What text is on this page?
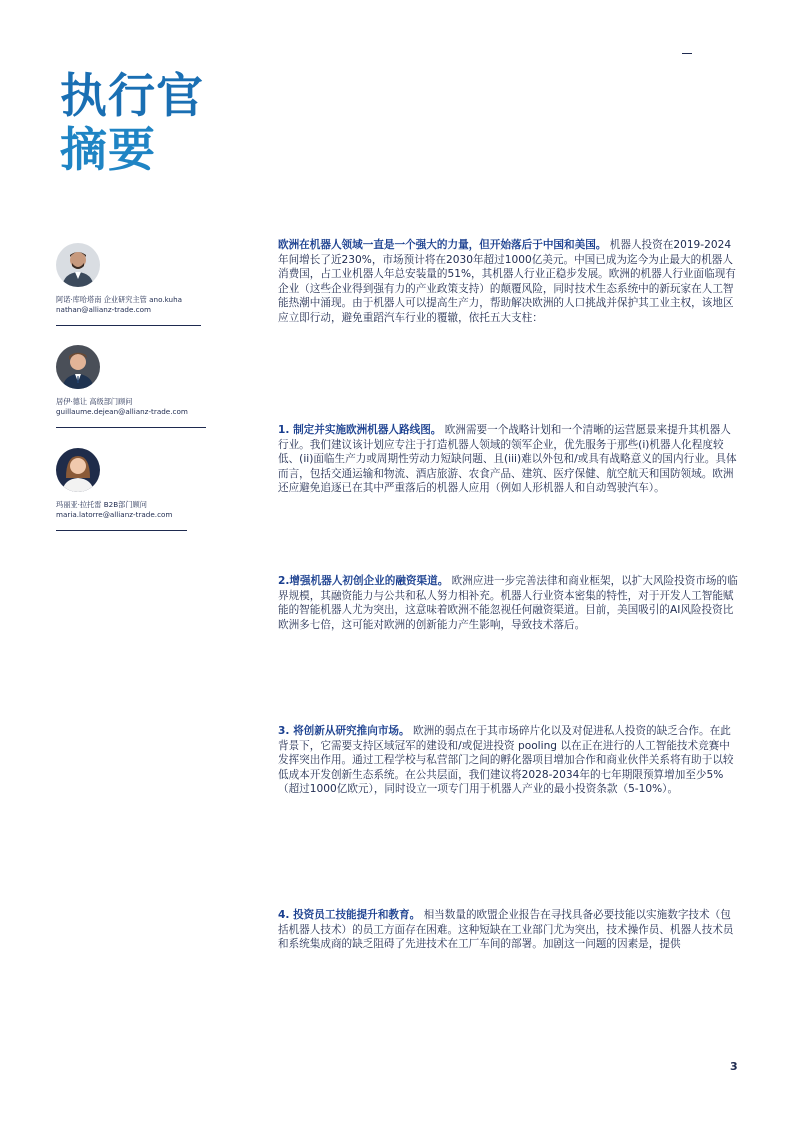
执行官
摘要
阿诺·库哈塔南 企业研究主管 ano.kuha
nathan@allianz-trade.com
居伊·德让 高级部门顾问
guillaume.dejean@allianz-trade.com
玛丽亚·拉托雷 B2B部门顾问
maria.latorre@allianz-trade.com
欧洲在机器人领域一直是一个强大的力量，但开始落后于中国和美国。 机器人投资在2019-2024年间增长了近230%，市场预计将在2030年超过1000亿美元。中国已成为迄今为止最大的机器人消费国，占工业机器人年总安装量的51%，其机器人行业正稳步发展。欧洲的机器人行业面临现有企业（这些企业得到强有力的产业政策支持）的颠覆风险，同时技术生态系统中的新玩家在人工智能热潮中涌现。由于机器人可以提高生产力，帮助解决欧洲的人口挑战并保护其工业主权，该地区应立即行动，避免重蹈汽车行业的覆辙，依托五大支柱：
1. 制定并实施欧洲机器人路线图。 欧洲需要一个战略计划和一个清晰的运营愿景来提升其机器人行业。我们建议该计划应专注于打造机器人领域的领军企业，优先服务于那些(i)机器人化程度较低、(ii)面临生产力或周期性劳动力短缺问题、且(iii)难以外包和/或具有战略意义的国内行业。具体而言，包括交通运输和物流、酒店旅游、农食产品、建筑、医疗保健、航空航天和国防领域。欧洲还应避免追逐已在其中严重落后的机器人应用（例如人形机器人和自动驾驶汽车）。
2.增强机器人初创企业的融资渠道。 欧洲应进一步完善法律和商业框架，以扩大风险投资市场的临界规模，其融资能力与公共和私人努力相补充。机器人行业资本密集的特性，对于开发人工智能赋能的智能机器人尤为突出，这意味着欧洲不能忽视任何融资渠道。目前，美国吸引的AI风险投资比欧洲多七倍，这可能对欧洲的创新能力产生影响，导致技术落后。
3. 将创新从研究推向市场。 欧洲的弱点在于其市场碎片化以及对促进私人投资的缺乏合作。在此背景下，它需要支持区域冠军的建设和/或促进投资 pooling 以在正在进行的人工智能技术竞赛中发挥突出作用。通过工程学校与私营部门之间的孵化器项目增加合作和商业伙伴关系将有助于以较低成本开发创新生态系统。在公共层面，我们建议将2028-2034年的七年期限预算增加至少5%（超过1000亿欧元），同时设立一项专门用于机器人产业的最小投资条款（5-10%）。
4. 投资员工技能提升和教育。 相当数量的欧盟企业报告在寻找具备必要技能以实施数字技术（包括机器人技术）的员工方面存在困难。这种短缺在工业部门尤为突出，技术操作员、机器人技术员和系统集成商的缺乏阻碍了先进技术在工厂车间的部署。加剧这一问题的因素是，提供
3
